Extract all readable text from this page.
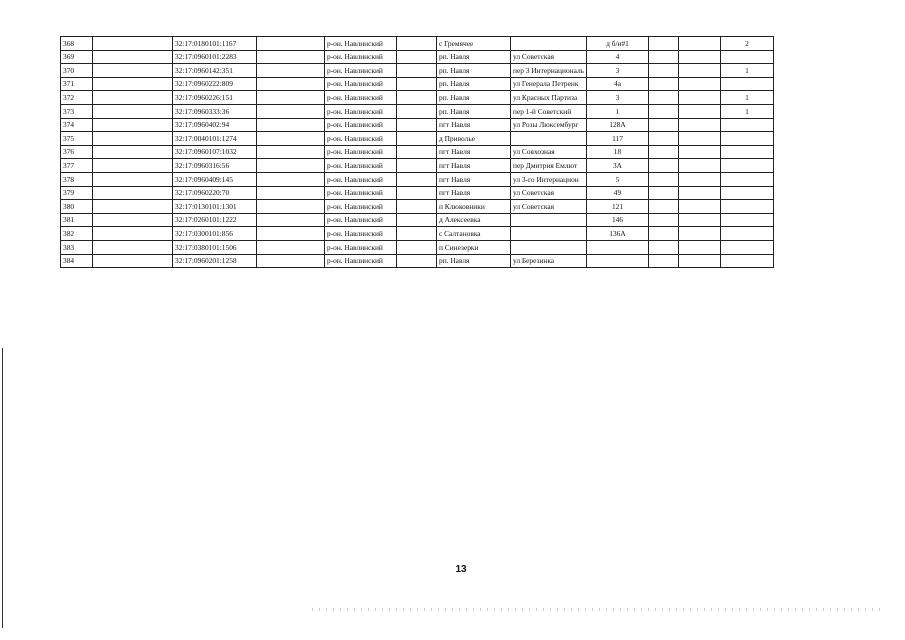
368		32:17:0180101:1167		р-он. Навлинский		с Гремячее		д б/н#1			2
369		32:17:0960101:2283		р-он. Навлинский		рп. Навля	ул Советская	4			
370		32:17:0960142:351		р-он. Навлинский		рп. Навля	пер 3 Интернациональ	3			1
371		32:17:0960222:809		р-он. Навлинский		рп. Навля	ул Генерала Петренк	4а			
372		32:17:0960226:151		р-он. Навлинский		рп. Навля	ул Красных Партиза	3			1
373		32:17:0960333:36		р-он. Навлинский		рп. Навля	пер 1-й Советский	1			1
374		32:17:0960402:94		р-он. Навлинский		пгт Навля	ул Розы Люксембург	128А			
375		32:17:0040101:1274		р-он. Навлинский		д Приволье		117			
376		32:17:0960107:1032		р-он. Навлинский		пгт Навля	ул Совхозная	18			
377		32:17:0960316:56		р-он. Навлинский		пгт Навля	пер Дмитрия Емлют	3А			
378		32:17:0960409:145		р-он. Навлинский		пгт Навля	ул 3-го Интернацион	5			
379		32:17:0960220:70		р-он. Навлинский		пгт Навля	ул Советская	49			
380		32:17:0130101:1301		р-он. Навлинский		п Клюковники	ул Советская	121			
381		32:17:0260101:1222		р-он. Навлинский		д Алексеевка		146			
382		32:17:0300101:856		р-он. Навлинский		с Салтановка		136А			
383		32:17:0380101:1506		р-он. Навлинский		п Синезерки					
384		32:17:0960201:1258		р-он. Навлинский		рп. Навля	ул Березинка				
13
